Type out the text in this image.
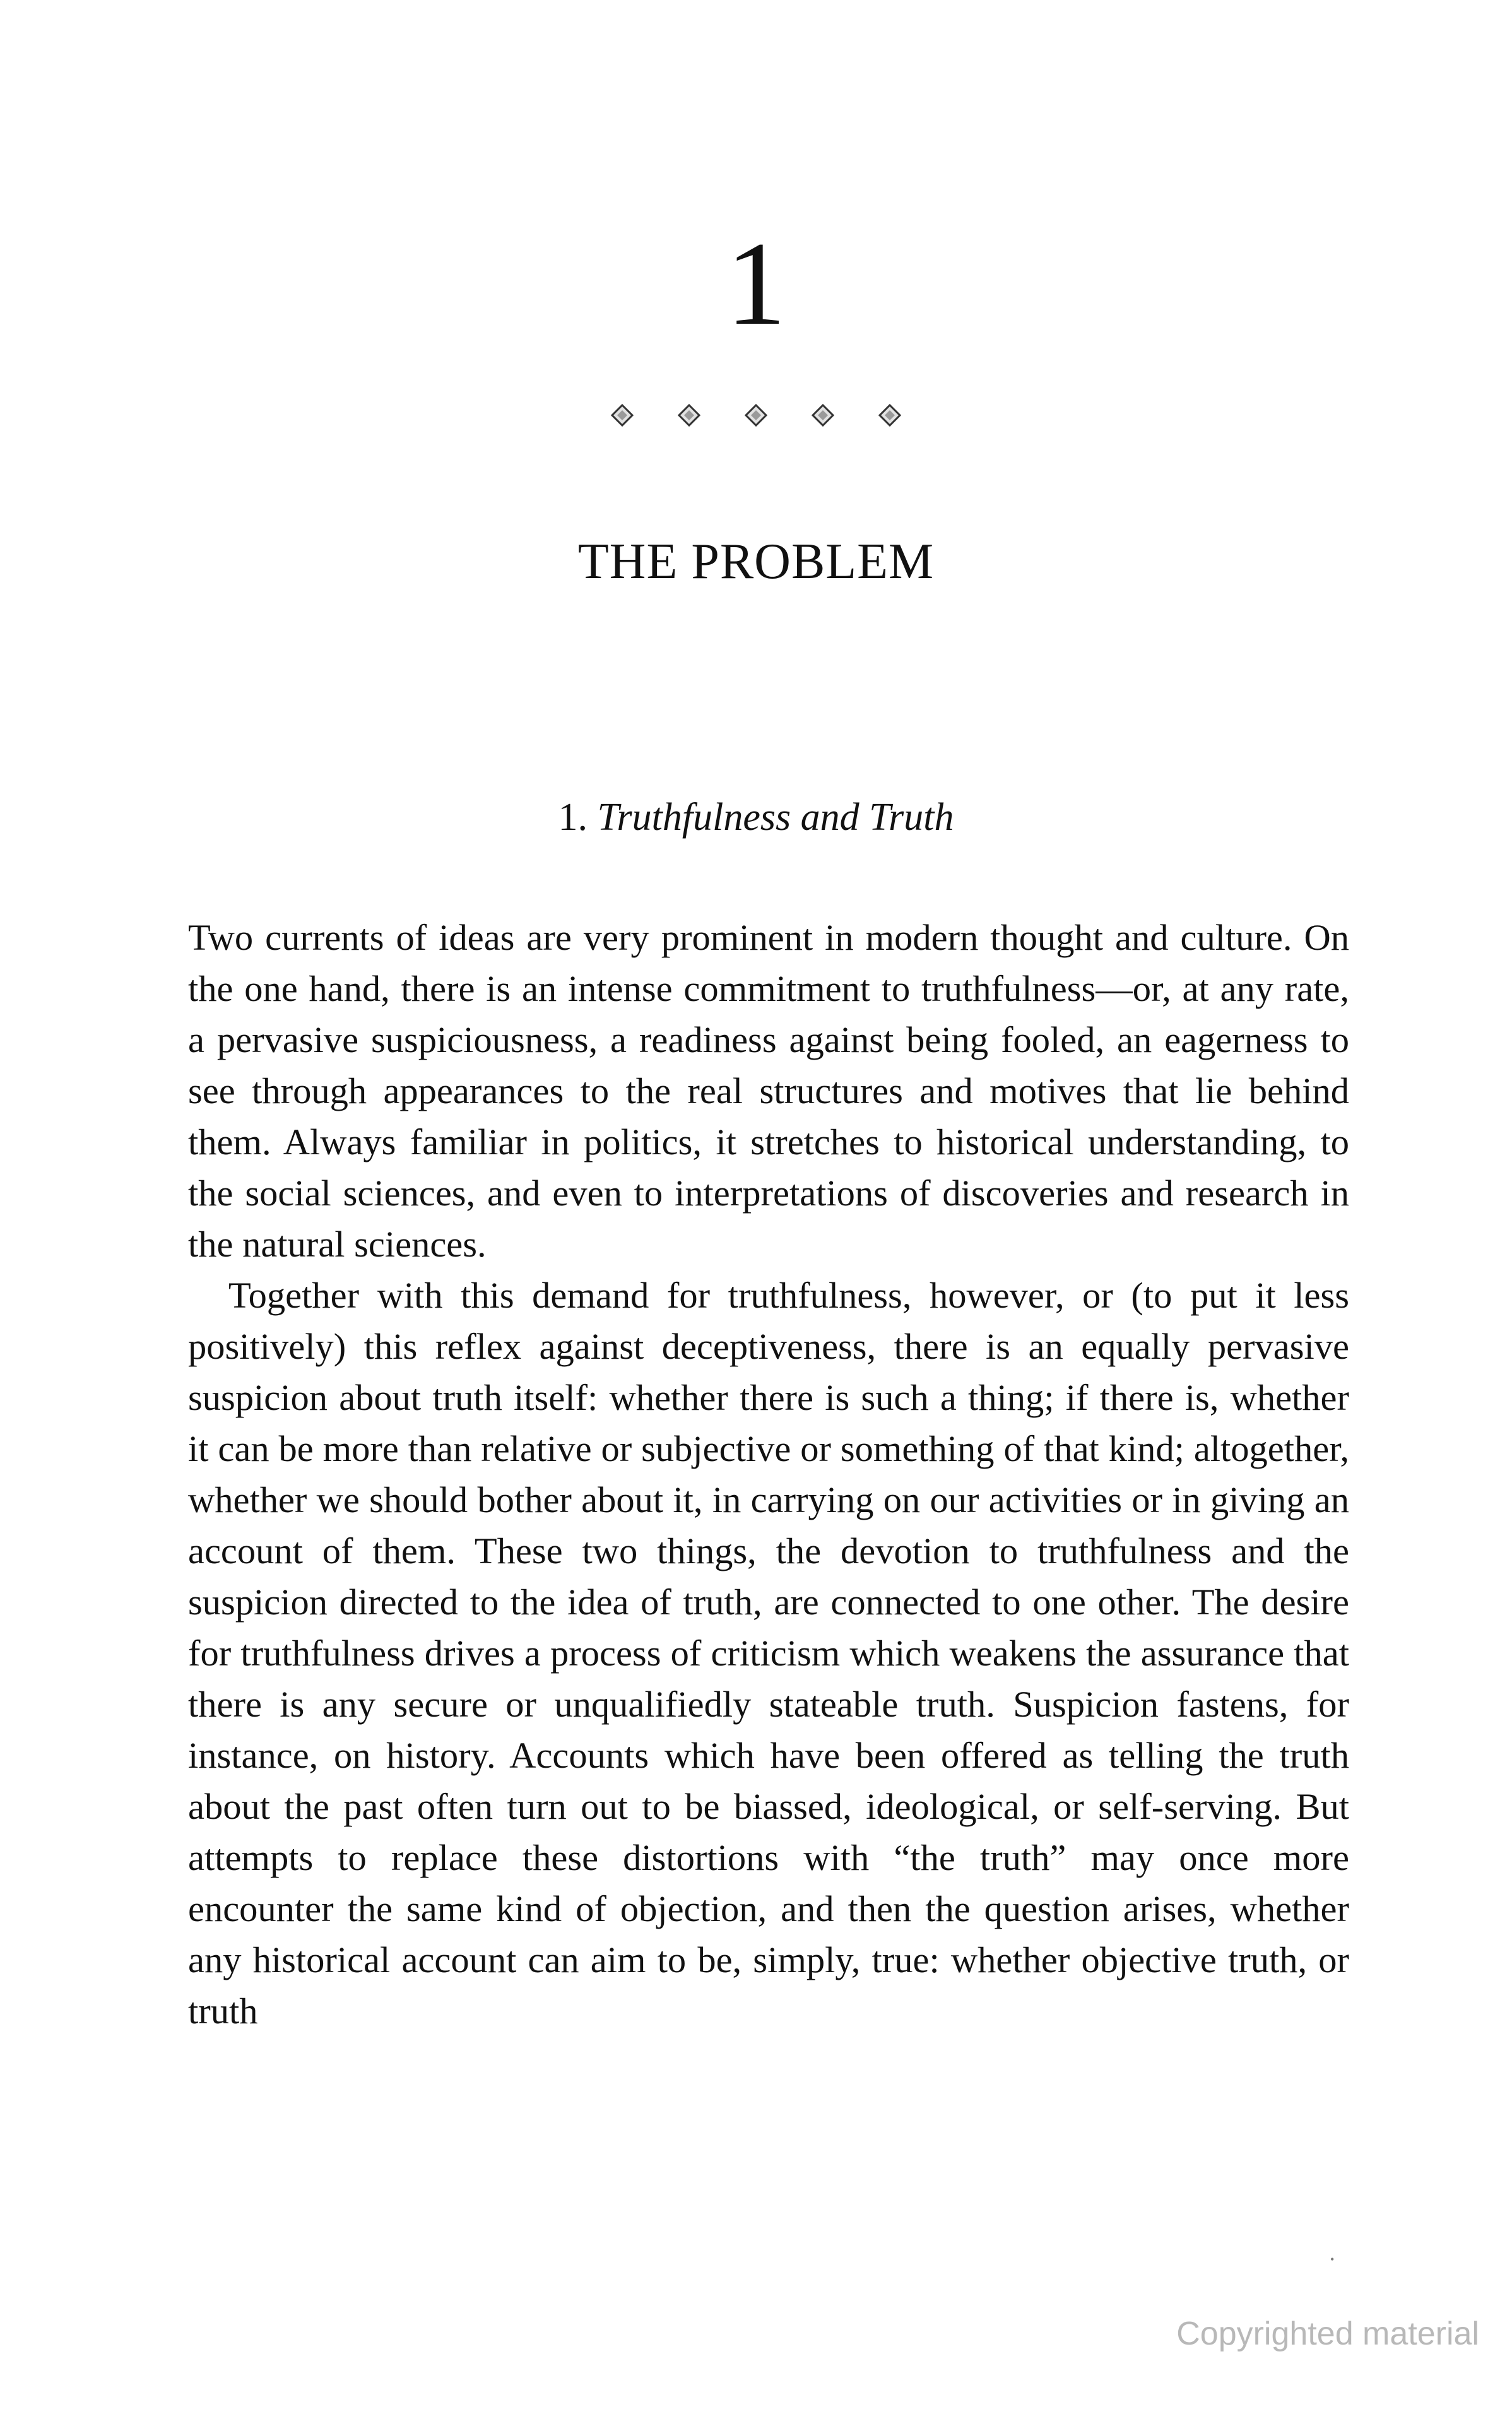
1
THE PROBLEM
1. Truthfulness and Truth

Two currents of ideas are very prominent in modern thought and culture. On the one hand, there is an intense commitment to truthfulness—or, at any rate, a pervasive suspiciousness, a readiness against being fooled, an eagerness to see through appearances to the real structures and motives that lie behind them. Always familiar in politics, it stretches to historical understanding, to the social sciences, and even to interpretations of discoveries and research in the natural sciences.

Together with this demand for truthfulness, however, or (to put it less positively) this reflex against deceptiveness, there is an equally pervasive suspicion about truth itself: whether there is such a thing; if there is, whether it can be more than relative or subjective or something of that kind; altogether, whether we should bother about it, in carrying on our activities or in giving an account of them. These two things, the devotion to truthfulness and the suspicion directed to the idea of truth, are connected to one other. The desire for truthfulness drives a process of criticism which weakens the assurance that there is any secure or unqualifiedly stateable truth. Suspicion fastens, for instance, on history. Accounts which have been offered as telling the truth about the past often turn out to be biassed, ideological, or self-serving. But attempts to replace these distortions with “the truth” may once more encounter the same kind of objection, and then the question arises, whether any historical account can aim to be, simply, true: whether objective truth, or truth

•
Copyrighted material
